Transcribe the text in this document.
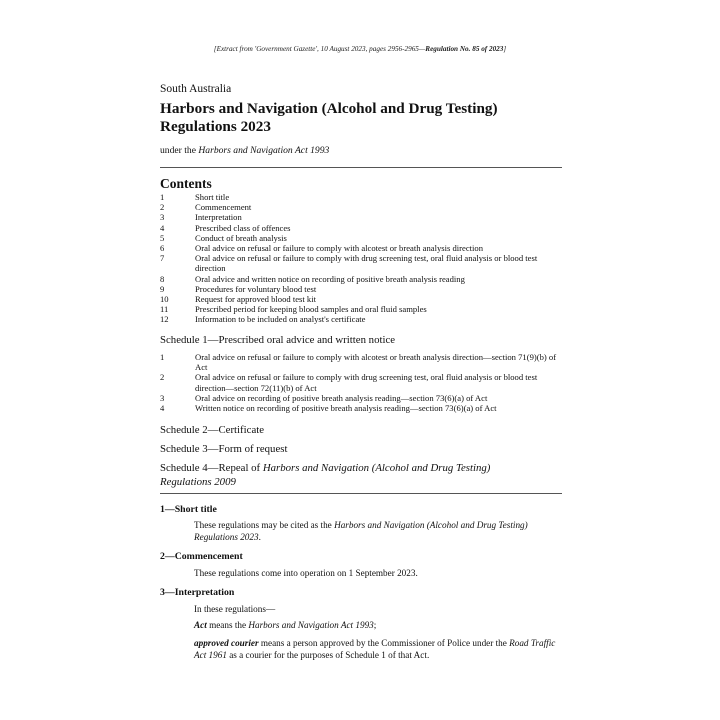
[Extract from 'Government Gazette', 10 August 2023, pages 2956-2965—Regulation No. 85 of 2023]
South Australia
Harbors and Navigation (Alcohol and Drug Testing)
Regulations 2023
under the Harbors and Navigation Act 1993
Contents
1	Short title
2	Commencement
3	Interpretation
4	Prescribed class of offences
5	Conduct of breath analysis
6	Oral advice on refusal or failure to comply with alcotest or breath analysis direction
7	Oral advice on refusal or failure to comply with drug screening test, oral fluid analysis or blood test direction
8	Oral advice and written notice on recording of positive breath analysis reading
9	Procedures for voluntary blood test
10	Request for approved blood test kit
11	Prescribed period for keeping blood samples and oral fluid samples
12	Information to be included on analyst's certificate
Schedule 1—Prescribed oral advice and written notice
1	Oral advice on refusal or failure to comply with alcotest or breath analysis direction—section 71(9)(b) of Act
2	Oral advice on refusal or failure to comply with drug screening test, oral fluid analysis or blood test direction—section 72(11)(b) of Act
3	Oral advice on recording of positive breath analysis reading—section 73(6)(a) of Act
4	Written notice on recording of positive breath analysis reading—section 73(6)(a) of Act
Schedule 2—Certificate
Schedule 3—Form of request
Schedule 4—Repeal of Harbors and Navigation (Alcohol and Drug Testing)
Regulations 2009
1—Short title
These regulations may be cited as the Harbors and Navigation (Alcohol and Drug Testing) Regulations 2023.
2—Commencement
These regulations come into operation on 1 September 2023.
3—Interpretation
In these regulations—
Act means the Harbors and Navigation Act 1993;
approved courier means a person approved by the Commissioner of Police under the Road Traffic Act 1961 as a courier for the purposes of Schedule 1 of that Act.
